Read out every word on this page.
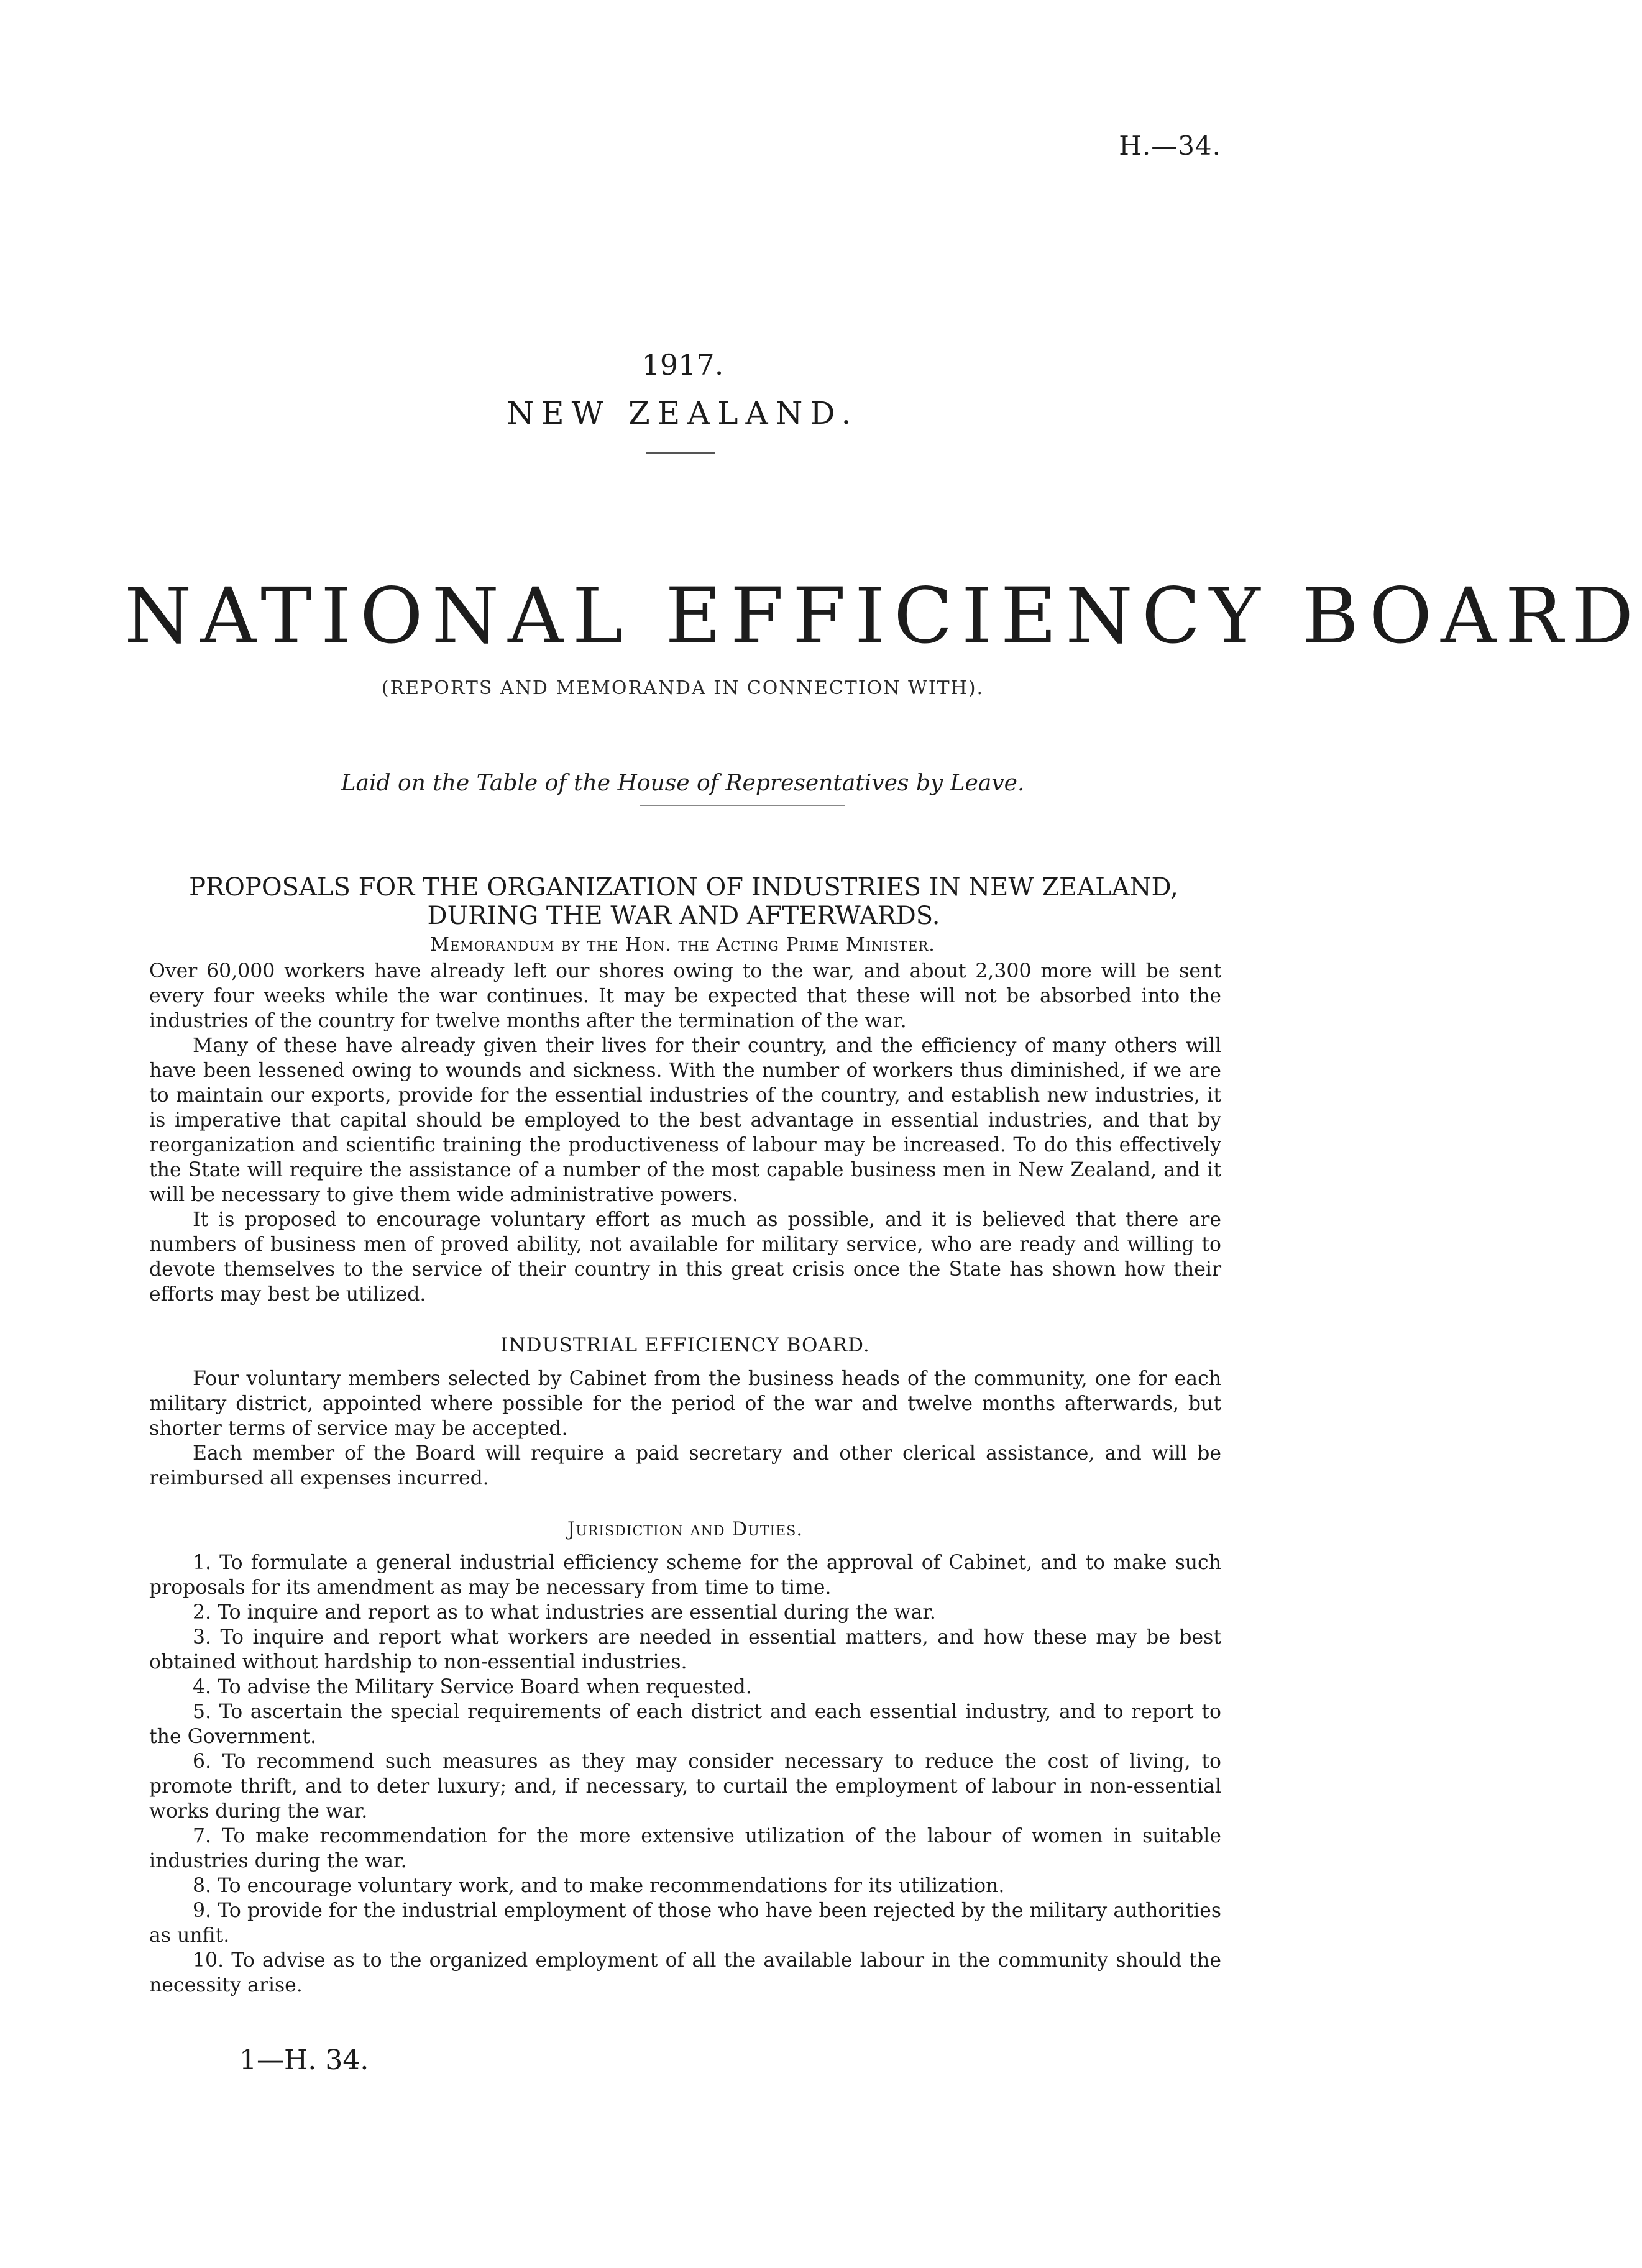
H.—34.
1917.
NEW ZEALAND.
NATIONAL EFFICIENCY BOARD
(REPORTS AND MEMORANDA IN CONNECTION WITH).
Laid on the Table of the House of Representatives by Leave.
PROPOSALS FOR THE ORGANIZATION OF INDUSTRIES IN NEW ZEALAND, DURING THE WAR AND AFTERWARDS.
Memorandum by the Hon. the Acting Prime Minister.

Over 60,000 workers have already left our shores owing to the war, and about 2,300 more will be sent every four weeks while the war continues. It may be expected that these will not be absorbed into the industries of the country for twelve months after the termination of the war.

Many of these have already given their lives for their country, and the efficiency of many others will have been lessened owing to wounds and sickness. With the number of workers thus diminished, if we are to maintain our exports, provide for the essential industries of the country, and establish new industries, it is imperative that capital should be employed to the best advantage in essential industries, and that by reorganization and scientific training the productiveness of labour may be increased. To do this effectively the State will require the assistance of a number of the most capable business men in New Zealand, and it will be necessary to give them wide administrative powers.

It is proposed to encourage voluntary effort as much as possible, and it is believed that there are numbers of business men of proved ability, not available for military service, who are ready and willing to devote themselves to the service of their country in this great crisis once the State has shown how their efforts may best be utilized.

INDUSTRIAL EFFICIENCY BOARD.

Four voluntary members selected by Cabinet from the business heads of the community, one for each military district, appointed where possible for the period of the war and twelve months afterwards, but shorter terms of service may be accepted.

Each member of the Board will require a paid secretary and other clerical assistance, and will be reimbursed all expenses incurred.

Jurisdiction and Duties.

1. To formulate a general industrial efficiency scheme for the approval of Cabinet, and to make such proposals for its amendment as may be necessary from time to time.

2. To inquire and report as to what industries are essential during the war.

3. To inquire and report what workers are needed in essential matters, and how these may be best obtained without hardship to non-essential industries.

4. To advise the Military Service Board when requested.

5. To ascertain the special requirements of each district and each essential industry, and to report to the Government.

6. To recommend such measures as they may consider necessary to reduce the cost of living, to promote thrift, and to deter luxury; and, if necessary, to curtail the employment of labour in non-essential works during the war.

7. To make recommendation for the more extensive utilization of the labour of women in suitable industries during the war.

8. To encourage voluntary work, and to make recommendations for its utilization.

9. To provide for the industrial employment of those who have been rejected by the military authorities as unfit.

10. To advise as to the organized employment of all the available labour in the community should the necessity arise.

1—H. 34.
